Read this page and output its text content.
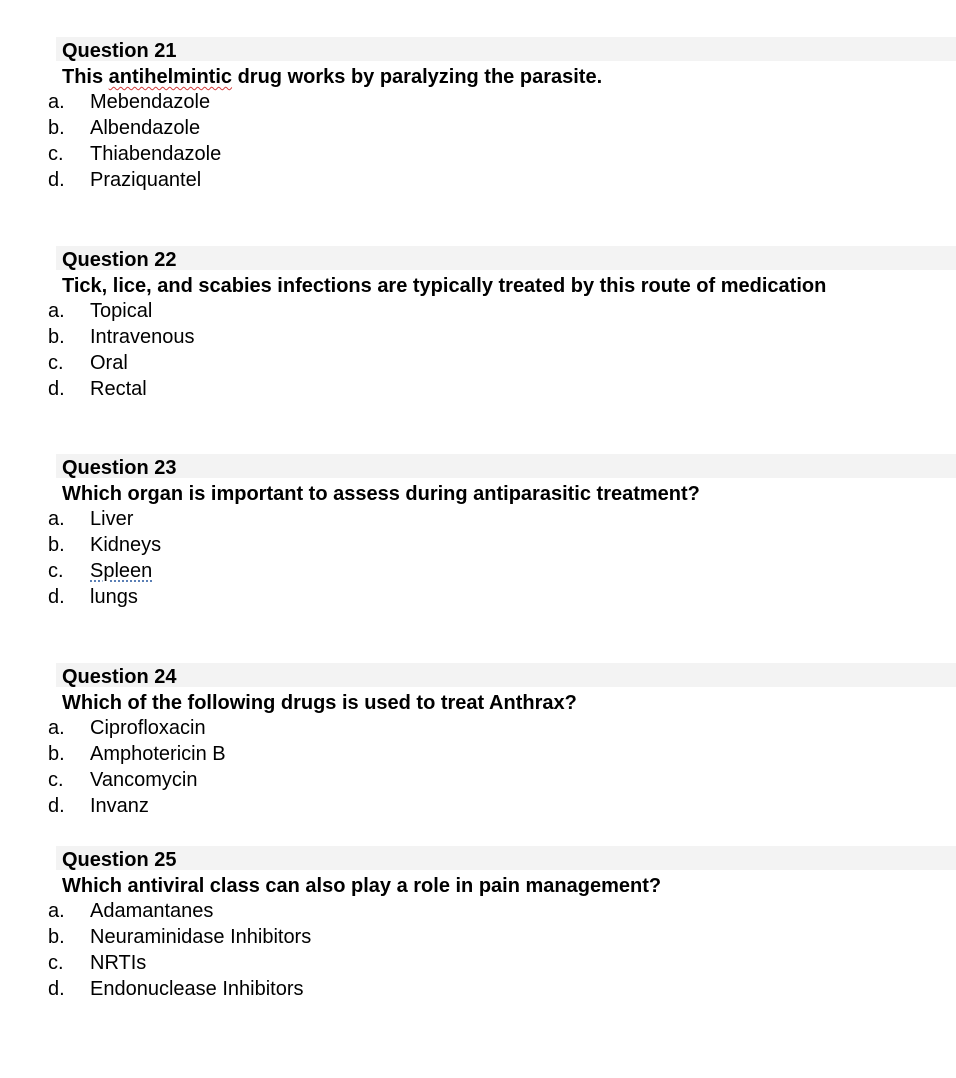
Question 21
This antihelmintic drug works by paralyzing the parasite.
a.	Mebendazole
b.	Albendazole
c.	Thiabendazole
d.	Praziquantel
Question 22
Tick, lice, and scabies infections are typically treated by this route of medication
a.	Topical
b.	Intravenous
c.	Oral
d.	Rectal
Question 23
Which organ is important to assess during antiparasitic treatment?
a.	Liver
b.	Kidneys
c.	Spleen
d.	lungs
Question 24
Which of the following drugs is used to treat Anthrax?
a.	Ciprofloxacin
b.	Amphotericin B
c.	Vancomycin
d.	Invanz
Question 25
Which antiviral class can also play a role in pain management?
a.	Adamantanes
b.	Neuraminidase Inhibitors
c.	NRTIs
d.	Endonuclease Inhibitors
